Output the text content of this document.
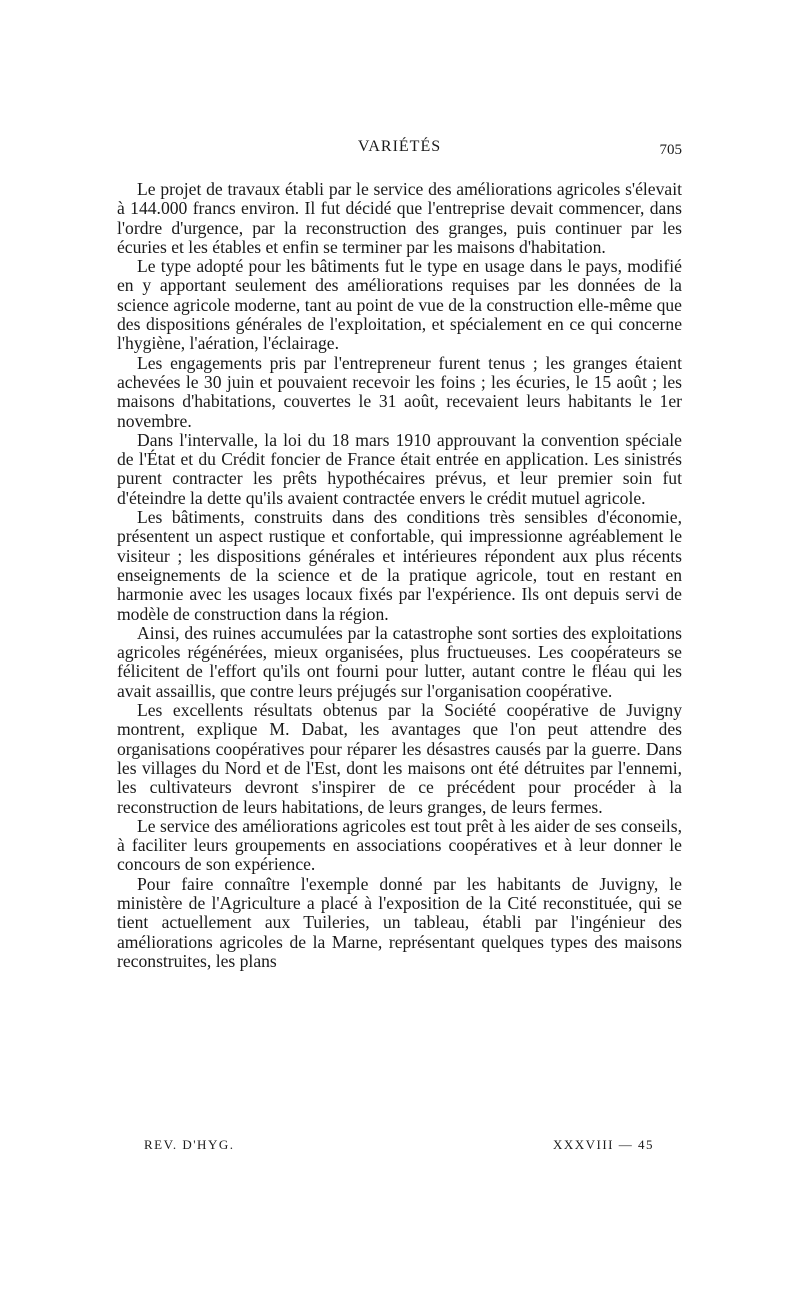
VARIÉTÉS	705

Le projet de travaux établi par le service des améliorations agricoles s'élevait à 144.000 francs environ. Il fut décidé que l'entreprise devait commencer, dans l'ordre d'urgence, par la reconstruction des granges, puis continuer par les écuries et les étables et enfin se terminer par les maisons d'habitation.

Le type adopté pour les bâtiments fut le type en usage dans le pays, modifié en y apportant seulement des améliorations requises par les données de la science agricole moderne, tant au point de vue de la construction elle-même que des dispositions générales de l'exploitation, et spécialement en ce qui concerne l'hygiène, l'aération, l'éclairage.

Les engagements pris par l'entrepreneur furent tenus ; les granges étaient achevées le 30 juin et pouvaient recevoir les foins ; les écuries, le 15 août ; les maisons d'habitations, couvertes le 31 août, recevaient leurs habitants le 1er novembre.

Dans l'intervalle, la loi du 18 mars 1910 approuvant la convention spéciale de l'État et du Crédit foncier de France était entrée en application. Les sinistrés purent contracter les prêts hypothécaires prévus, et leur premier soin fut d'éteindre la dette qu'ils avaient contractée envers le crédit mutuel agricole.

Les bâtiments, construits dans des conditions très sensibles d'économie, présentent un aspect rustique et confortable, qui impressionne agréablement le visiteur ; les dispositions générales et intérieures répondent aux plus récents enseignements de la science et de la pratique agricole, tout en restant en harmonie avec les usages locaux fixés par l'expérience. Ils ont depuis servi de modèle de construction dans la région.

Ainsi, des ruines accumulées par la catastrophe sont sorties des exploitations agricoles régénérées, mieux organisées, plus fructueuses. Les coopérateurs se félicitent de l'effort qu'ils ont fourni pour lutter, autant contre le fléau qui les avait assaillis, que contre leurs préjugés sur l'organisation coopérative.

Les excellents résultats obtenus par la Société coopérative de Juvigny montrent, explique M. Dabat, les avantages que l'on peut attendre des organisations coopératives pour réparer les désastres causés par la guerre. Dans les villages du Nord et de l'Est, dont les maisons ont été détruites par l'ennemi, les cultivateurs devront s'inspirer de ce précédent pour procéder à la reconstruction de leurs habitations, de leurs granges, de leurs fermes.

Le service des améliorations agricoles est tout prêt à les aider de ses conseils, à faciliter leurs groupements en associations coopératives et à leur donner le concours de son expérience.

Pour faire connaître l'exemple donné par les habitants de Juvigny, le ministère de l'Agriculture a placé à l'exposition de la Cité reconstituée, qui se tient actuellement aux Tuileries, un tableau, établi par l'ingénieur des améliorations agricoles de la Marne, représentant quelques types des maisons reconstruites, les plans

REV. D'HYG.	XXXVIII — 45
